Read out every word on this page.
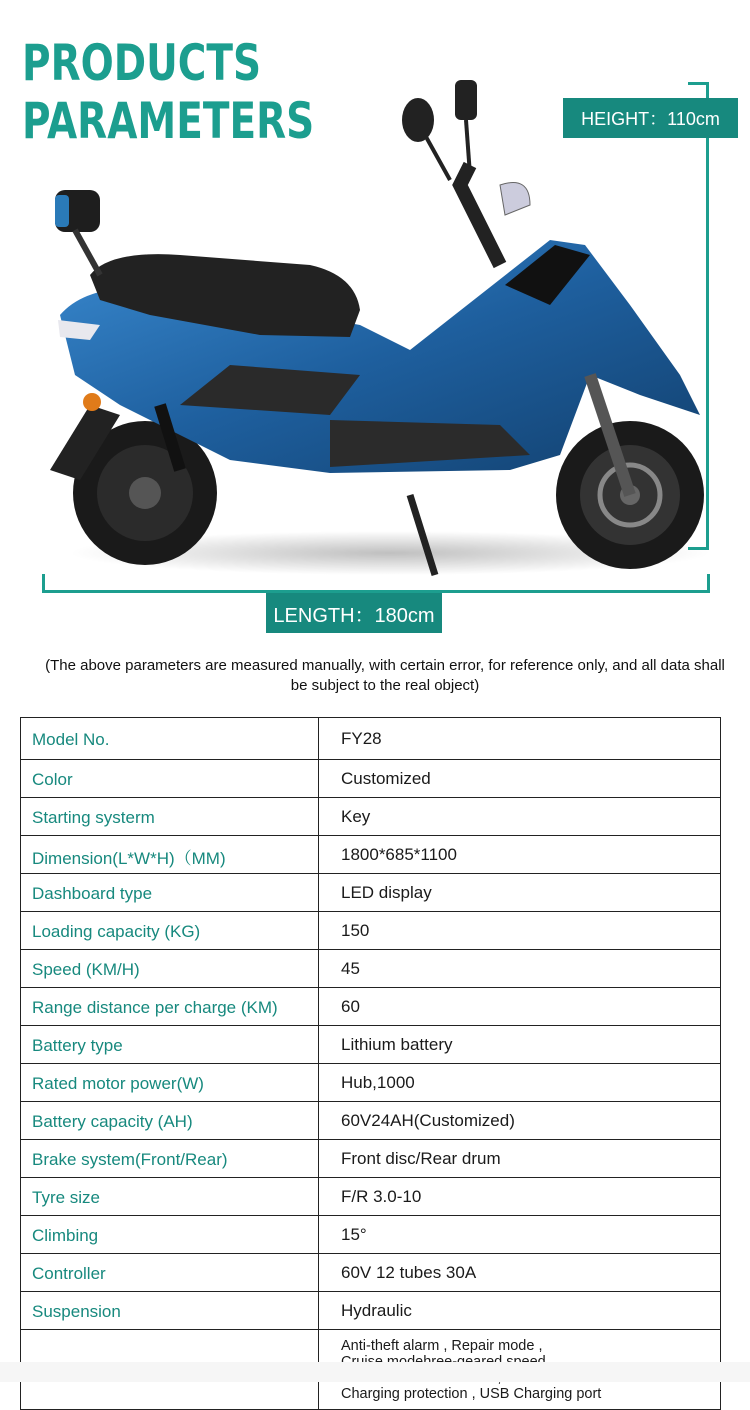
PRODUCTS
PARAMETERS	HEIGHT：110cm
LENGTH：180cm
(The above parameters are measured manually, with certain error, for reference only, and all data shall be subject to the real object)
Model No.	FY28
Color	Customized
Starting systerm	Key
Dimension(L*W*H)（MM)	1800*685*1100
Dashboard type	LED display
Loading capacity (KG)	150
Speed (KM/H)	45
Range distance per charge (KM)	60
Battery type	Lithium battery
Rated motor power(W)	Hub,1000
Battery capacity (AH)	60V24AH(Customized)
Brake system(Front/Rear)	Front disc/Rear drum
Tyre size	F/R 3.0-10
Climbing	15°
Controller	60V 12 tubes 30A
Suspension	Hydraulic

Anti-theft alarm , Repair mode ,
Charging protection , USB Charging port
